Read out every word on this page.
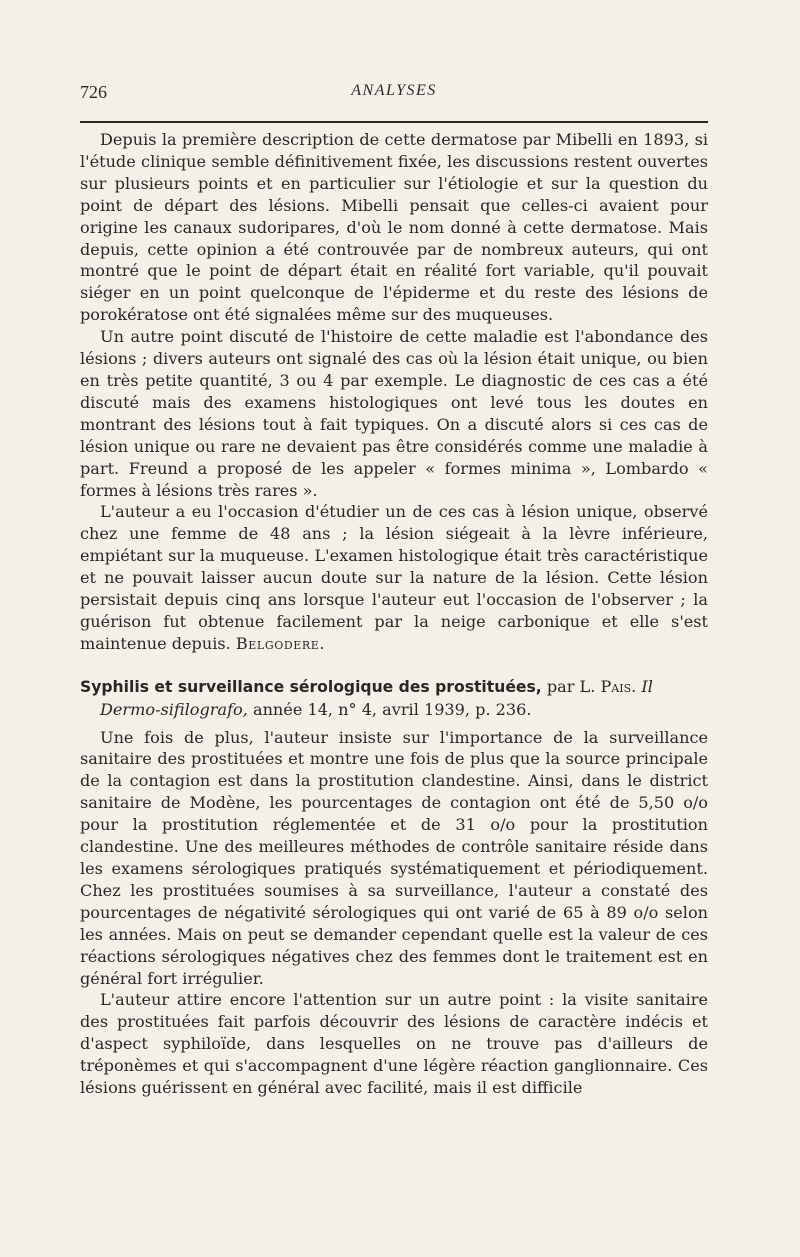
726	ANALYSES

Depuis la première description de cette dermatose par Mibelli en 1893, si l'étude clinique semble définitivement fixée, les discussions restent ouvertes sur plusieurs points et en particulier sur l'étiologie et sur la question du point de départ des lésions. Mibelli pensait que celles-ci avaient pour origine les canaux sudoripares, d'où le nom donné à cette dermatose. Mais depuis, cette opinion a été controuvée par de nombreux auteurs, qui ont montré que le point de départ était en réalité fort variable, qu'il pouvait siéger en un point quelconque de l'épiderme et du reste des lésions de porokératose ont été signalées même sur des muqueuses.

Un autre point discuté de l'histoire de cette maladie est l'abondance des lésions ; divers auteurs ont signalé des cas où la lésion était unique, ou bien en très petite quantité, 3 ou 4 par exemple. Le diagnostic de ces cas a été discuté mais des examens histologiques ont levé tous les doutes en montrant des lésions tout à fait typiques. On a discuté alors si ces cas de lésion unique ou rare ne devaient pas être considérés comme une maladie à part. Freund a proposé de les appeler « formes minima », Lombardo « formes à lésions très rares ».

L'auteur a eu l'occasion d'étudier un de ces cas à lésion unique, observé chez une femme de 48 ans ; la lésion siégeait à la lèvre inférieure, empiétant sur la muqueuse. L'examen histologique était très caractéristique et ne pouvait laisser aucun doute sur la nature de la lésion. Cette lésion persistait depuis cinq ans lorsque l'auteur eut l'occasion de l'observer ; la guérison fut obtenue facilement par la neige carbonique et elle s'est maintenue depuis. Belgodere.

Syphilis et surveillance sérologique des prostituées, par L. Pais. Il Dermo-sifilografo, année 14, n° 4, avril 1939, p. 236.

Une fois de plus, l'auteur insiste sur l'importance de la surveillance sanitaire des prostituées et montre une fois de plus que la source principale de la contagion est dans la prostitution clandestine. Ainsi, dans le district sanitaire de Modène, les pourcentages de contagion ont été de 5,50 o/o pour la prostitution réglementée et de 31 o/o pour la prostitution clandestine. Une des meilleures méthodes de contrôle sanitaire réside dans les examens sérologiques pratiqués systématiquement et périodiquement. Chez les prostituées soumises à sa surveillance, l'auteur a constaté des pourcentages de négativité sérologiques qui ont varié de 65 à 89 o/o selon les années. Mais on peut se demander cependant quelle est la valeur de ces réactions sérologiques négatives chez des femmes dont le traitement est en général fort irrégulier.

L'auteur attire encore l'attention sur un autre point : la visite sanitaire des prostituées fait parfois découvrir des lésions de caractère indécis et d'aspect syphiloïde, dans lesquelles on ne trouve pas d'ailleurs de tréponèmes et qui s'accompagnent d'une légère réaction ganglionnaire. Ces lésions guérissent en général avec facilité, mais il est difficile
